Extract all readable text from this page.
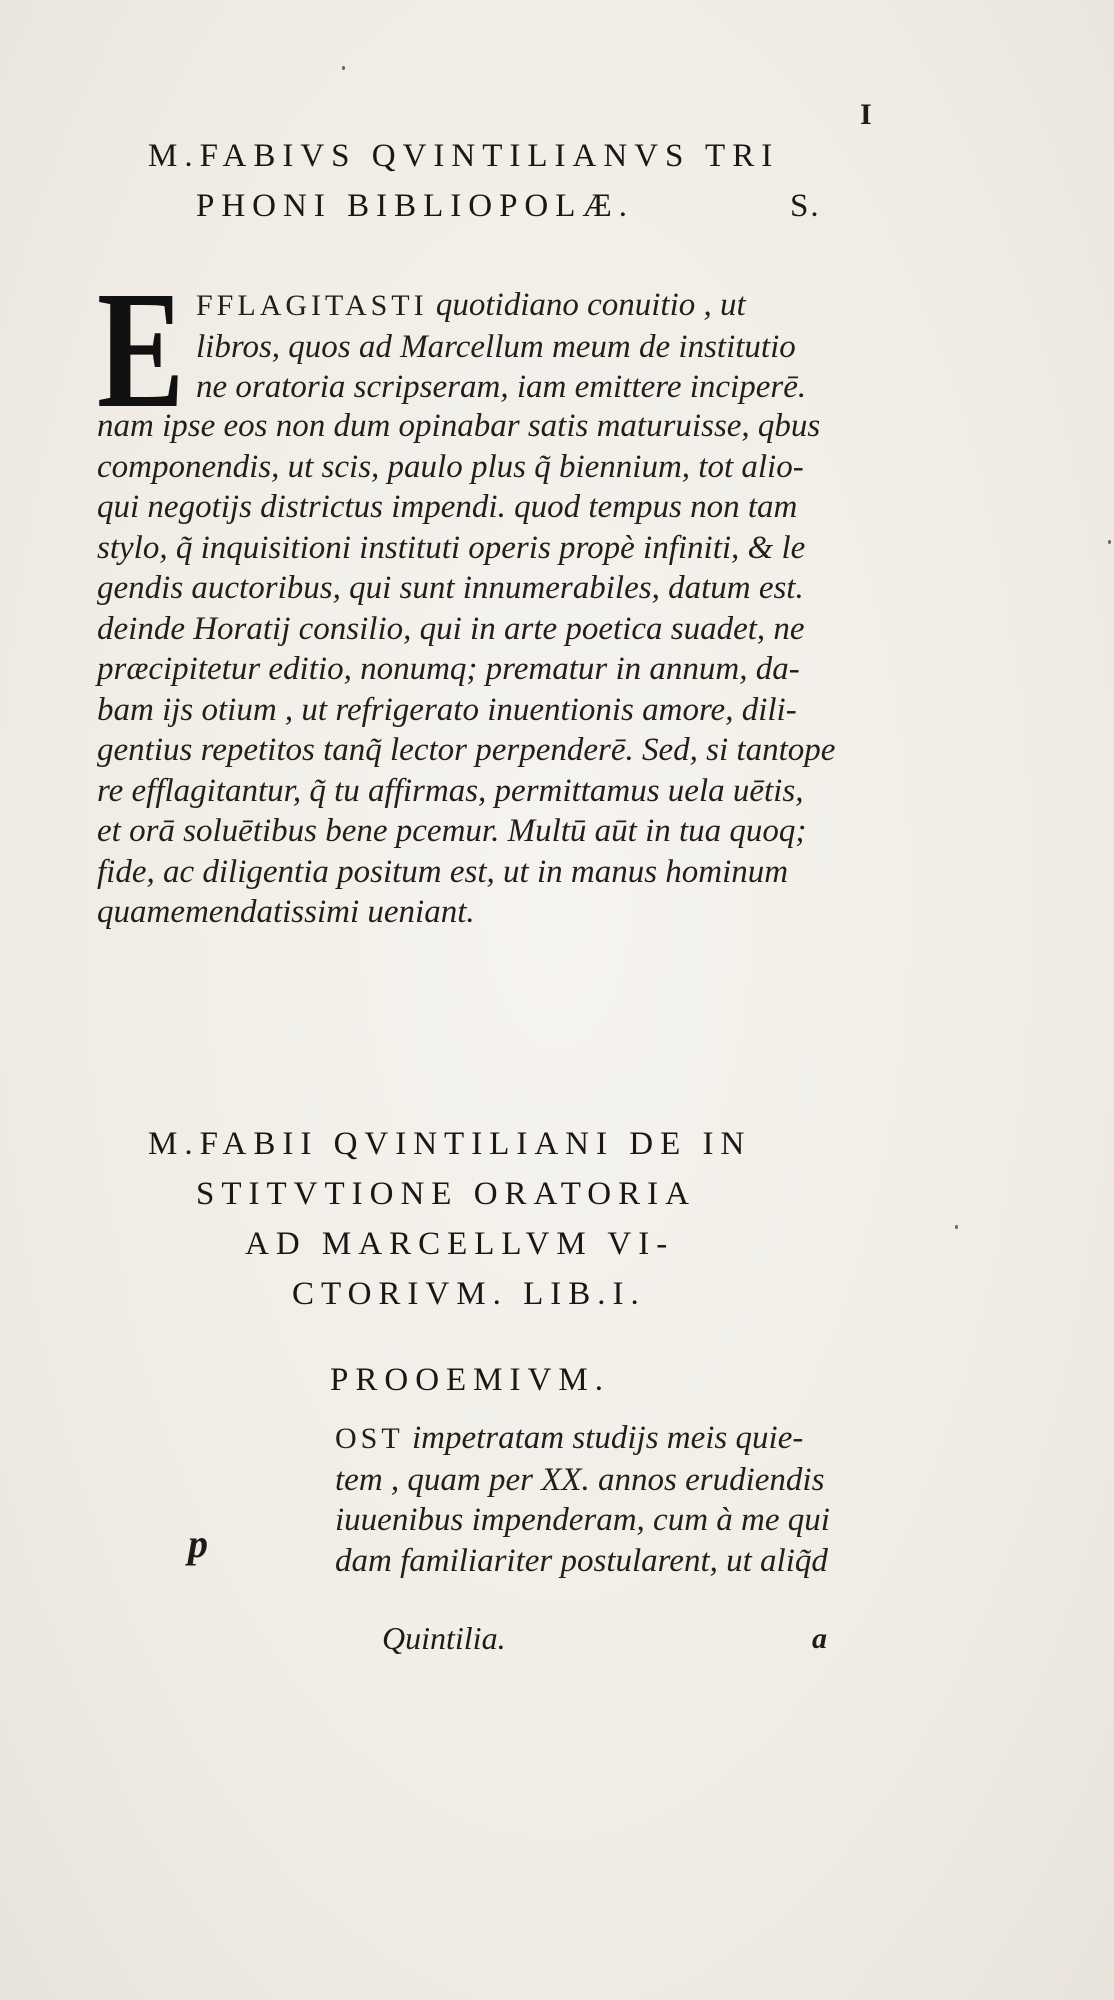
I
M.FABIVS QVINTILIANVS TRI
PHONI BIBLIOPOLÆ.	S.
E FFLAGITASTI quotidiano conuitio , ut
libros, quos ad Marcellum meum de institutio
ne oratoria scripseram, iam emittere inciperē.
nam ipse eos non dum opinabar satis maturuisse, qbus
componendis, ut scis, paulo plus q̃ biennium, tot alio-
qui negotijs districtus impendi. quod tempus non tam
stylo, q̃ inquisitioni instituti operis propè infiniti, & le
gendis auctoribus, qui sunt innumerabiles, datum est.
deinde Horatij consilio, qui in arte poetica suadet, ne
præcipitetur editio, nonumq; prematur in annum, da-
bam ijs otium , ut refrigerato inuentionis amore, dili-
gentius repetitos tanq̃ lector perpenderē. Sed, si tantope
re efflagitantur, q̃ tu affirmas, permittamus uela uētis,
et orā soluētibus bene pcemur. Multū aūt in tua quoq;
fide, ac diligentia positum est, ut in manus hominum
quamemendatissimi ueniant.
M.FABII QVINTILIANI DE IN
STITVTIONE ORATORIA
AD MARCELLVM VI-
CTORIVM. LIB.I.
PROOEMIVM.
p
OST impetratam studijs meis quie-
tem , quam per XX. annos erudiendis
iuuenibus impenderam, cum à me qui
dam familiariter postularent, ut aliq̃d
Quintilia.	a
